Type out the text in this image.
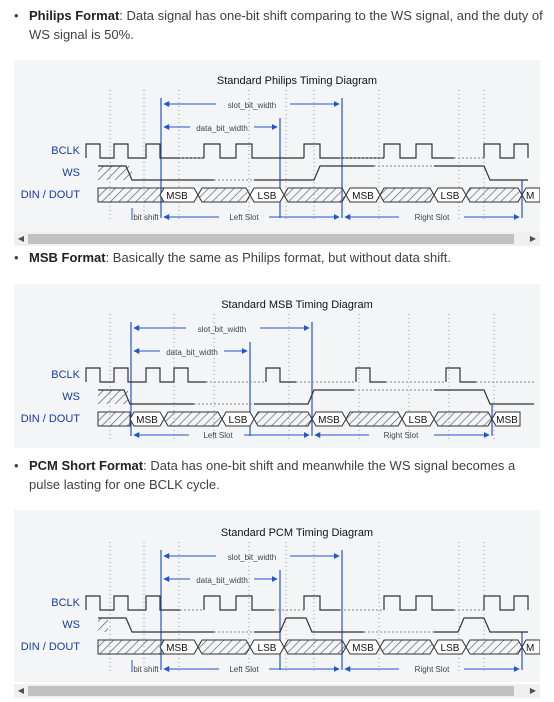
• Philips Format: Data signal has one-bit shift comparing to the WS signal, and the duty of WS signal is 50%.
Standard Philips Timing Diagram
slot_bit_width
data_bit_width
BCLK
WS
DIN / DOUT	MSB	LSB	MSB	LSB	M
bit shift	Left Slot	Right Slot
◀	▶
• MSB Format: Basically the same as Philips format, but without data shift.
Standard MSB Timing Diagram
slot_bit_width
data_bit_width
BCLK
WS
DIN / DOUT	MSB	LSB	MSB	LSB	MSB
Left Slot	Right Slot
• PCM Short Format: Data has one-bit shift and meanwhile the WS signal becomes a pulse lasting for one BCLK cycle.
Standard PCM Timing Diagram
slot_bit_width
data_bit_width
BCLK
WS
DIN / DOUT	MSB	LSB	MSB	LSB	M
bit shift	Left Slot	Right Slot
◀	▶
